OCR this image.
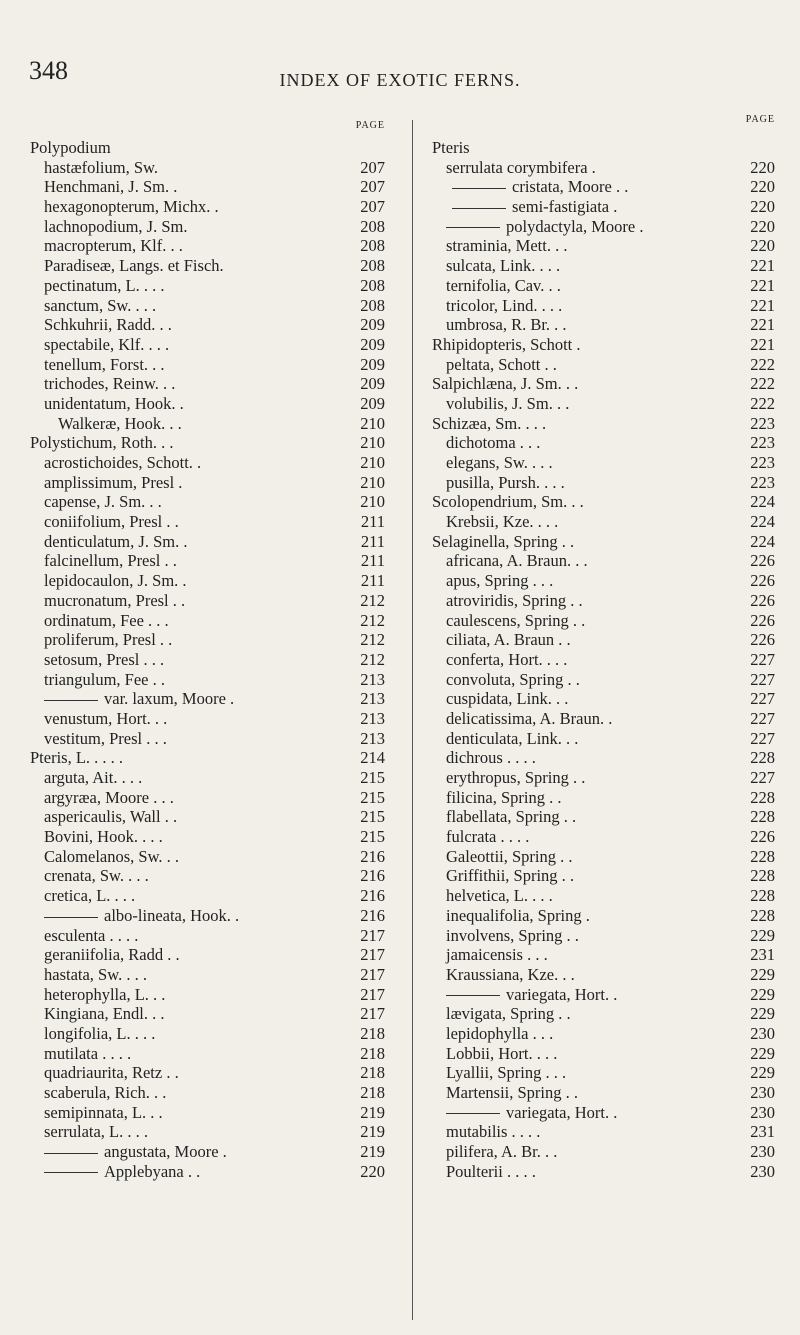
348	INDEX OF EXOTIC FERNS.
PAGE
Polypodium
hastæfolium, Sw.	207
Henchmani, J. Sm. .	207
hexagonopterum, Michx. .	207
lachnopodium, J. Sm.	208
macropterum, Klf. . .	208
Paradiseæ, Langs. et Fisch.	208
pectinatum, L. . . .	208
sanctum, Sw. . . .	208
Schkuhrii, Radd. . .	209
spectabile, Klf. . . .	209
tenellum, Forst. . .	209
trichodes, Reinw. . .	209
unidentatum, Hook. .	209
Walkeræ, Hook. . .	210
Polystichum, Roth. . .	210
acrostichoides, Schott. .	210
amplissimum, Presl .	210
capense, J. Sm. . .	210
coniifolium, Presl . .	211
denticulatum, J. Sm. .	211
falcinellum, Presl . .	211
lepidocaulon, J. Sm. .	211
mucronatum, Presl . .	212
ordinatum, Fee . . .	212
proliferum, Presl . .	212
setosum, Presl . . .	212
triangulum, Fee . .	213
var. laxum, Moore .	213
venustum, Hort. . .	213
vestitum, Presl . . .	213
Pteris, L. . . . .	214
arguta, Ait. . . .	215
argyræa, Moore . . .	215
aspericaulis, Wall . .	215
Bovini, Hook. . . .	215
Calomelanos, Sw. . .	216
crenata, Sw. . . .	216
cretica, L. . . .	216
albo-lineata, Hook. .	216
esculenta . . . .	217
geraniifolia, Radd . .	217
hastata, Sw. . . .	217
heterophylla, L. . .	217
Kingiana, Endl. . .	217
longifolia, L. . . .	218
mutilata . . . .	218
quadriaurita, Retz . .	218
scaberula, Rich. . .	218
semipinnata, L. . .	219
serrulata, L. . . .	219
angustata, Moore .	219
Applebyana . .	220
PAGE
Pteris
serrulata corymbifera .	220
cristata, Moore . .	220
semi-fastigiata .	220
polydactyla, Moore .	220
straminia, Mett. . .	220
sulcata, Link. . . .	221
ternifolia, Cav. . .	221
tricolor, Lind. . . .	221
umbrosa, R. Br. . .	221
Rhipidopteris, Schott .	221
peltata, Schott . .	222
Salpichlæna, J. Sm. . .	222
volubilis, J. Sm. . .	222
Schizæa, Sm. . . .	223
dichotoma . . .	223
elegans, Sw. . . .	223
pusilla, Pursh. . . .	223
Scolopendrium, Sm. . .	224
Krebsii, Kze. . . .	224
Selaginella, Spring . .	224
africana, A. Braun. . .	226
apus, Spring . . .	226
atroviridis, Spring . .	226
caulescens, Spring . .	226
ciliata, A. Braun . .	226
conferta, Hort. . . .	227
convoluta, Spring . .	227
cuspidata, Link. . .	227
delicatissima, A. Braun. .	227
denticulata, Link. . .	227
dichrous . . . .	228
erythropus, Spring . .	227
filicina, Spring . .	228
flabellata, Spring . .	228
fulcrata . . . .	226
Galeottii, Spring . .	228
Griffithii, Spring . .	228
helvetica, L. . . .	228
inequalifolia, Spring .	228
involvens, Spring . .	229
jamaicensis . . .	231
Kraussiana, Kze. . .	229
variegata, Hort. .	229
lævigata, Spring . .	229
lepidophylla . . .	230
Lobbii, Hort. . . .	229
Lyallii, Spring . . .	229
Martensii, Spring . .	230
variegata, Hort. .	230
mutabilis . . . .	231
pilifera, A. Br. . .	230
Poulterii . . . .	230
